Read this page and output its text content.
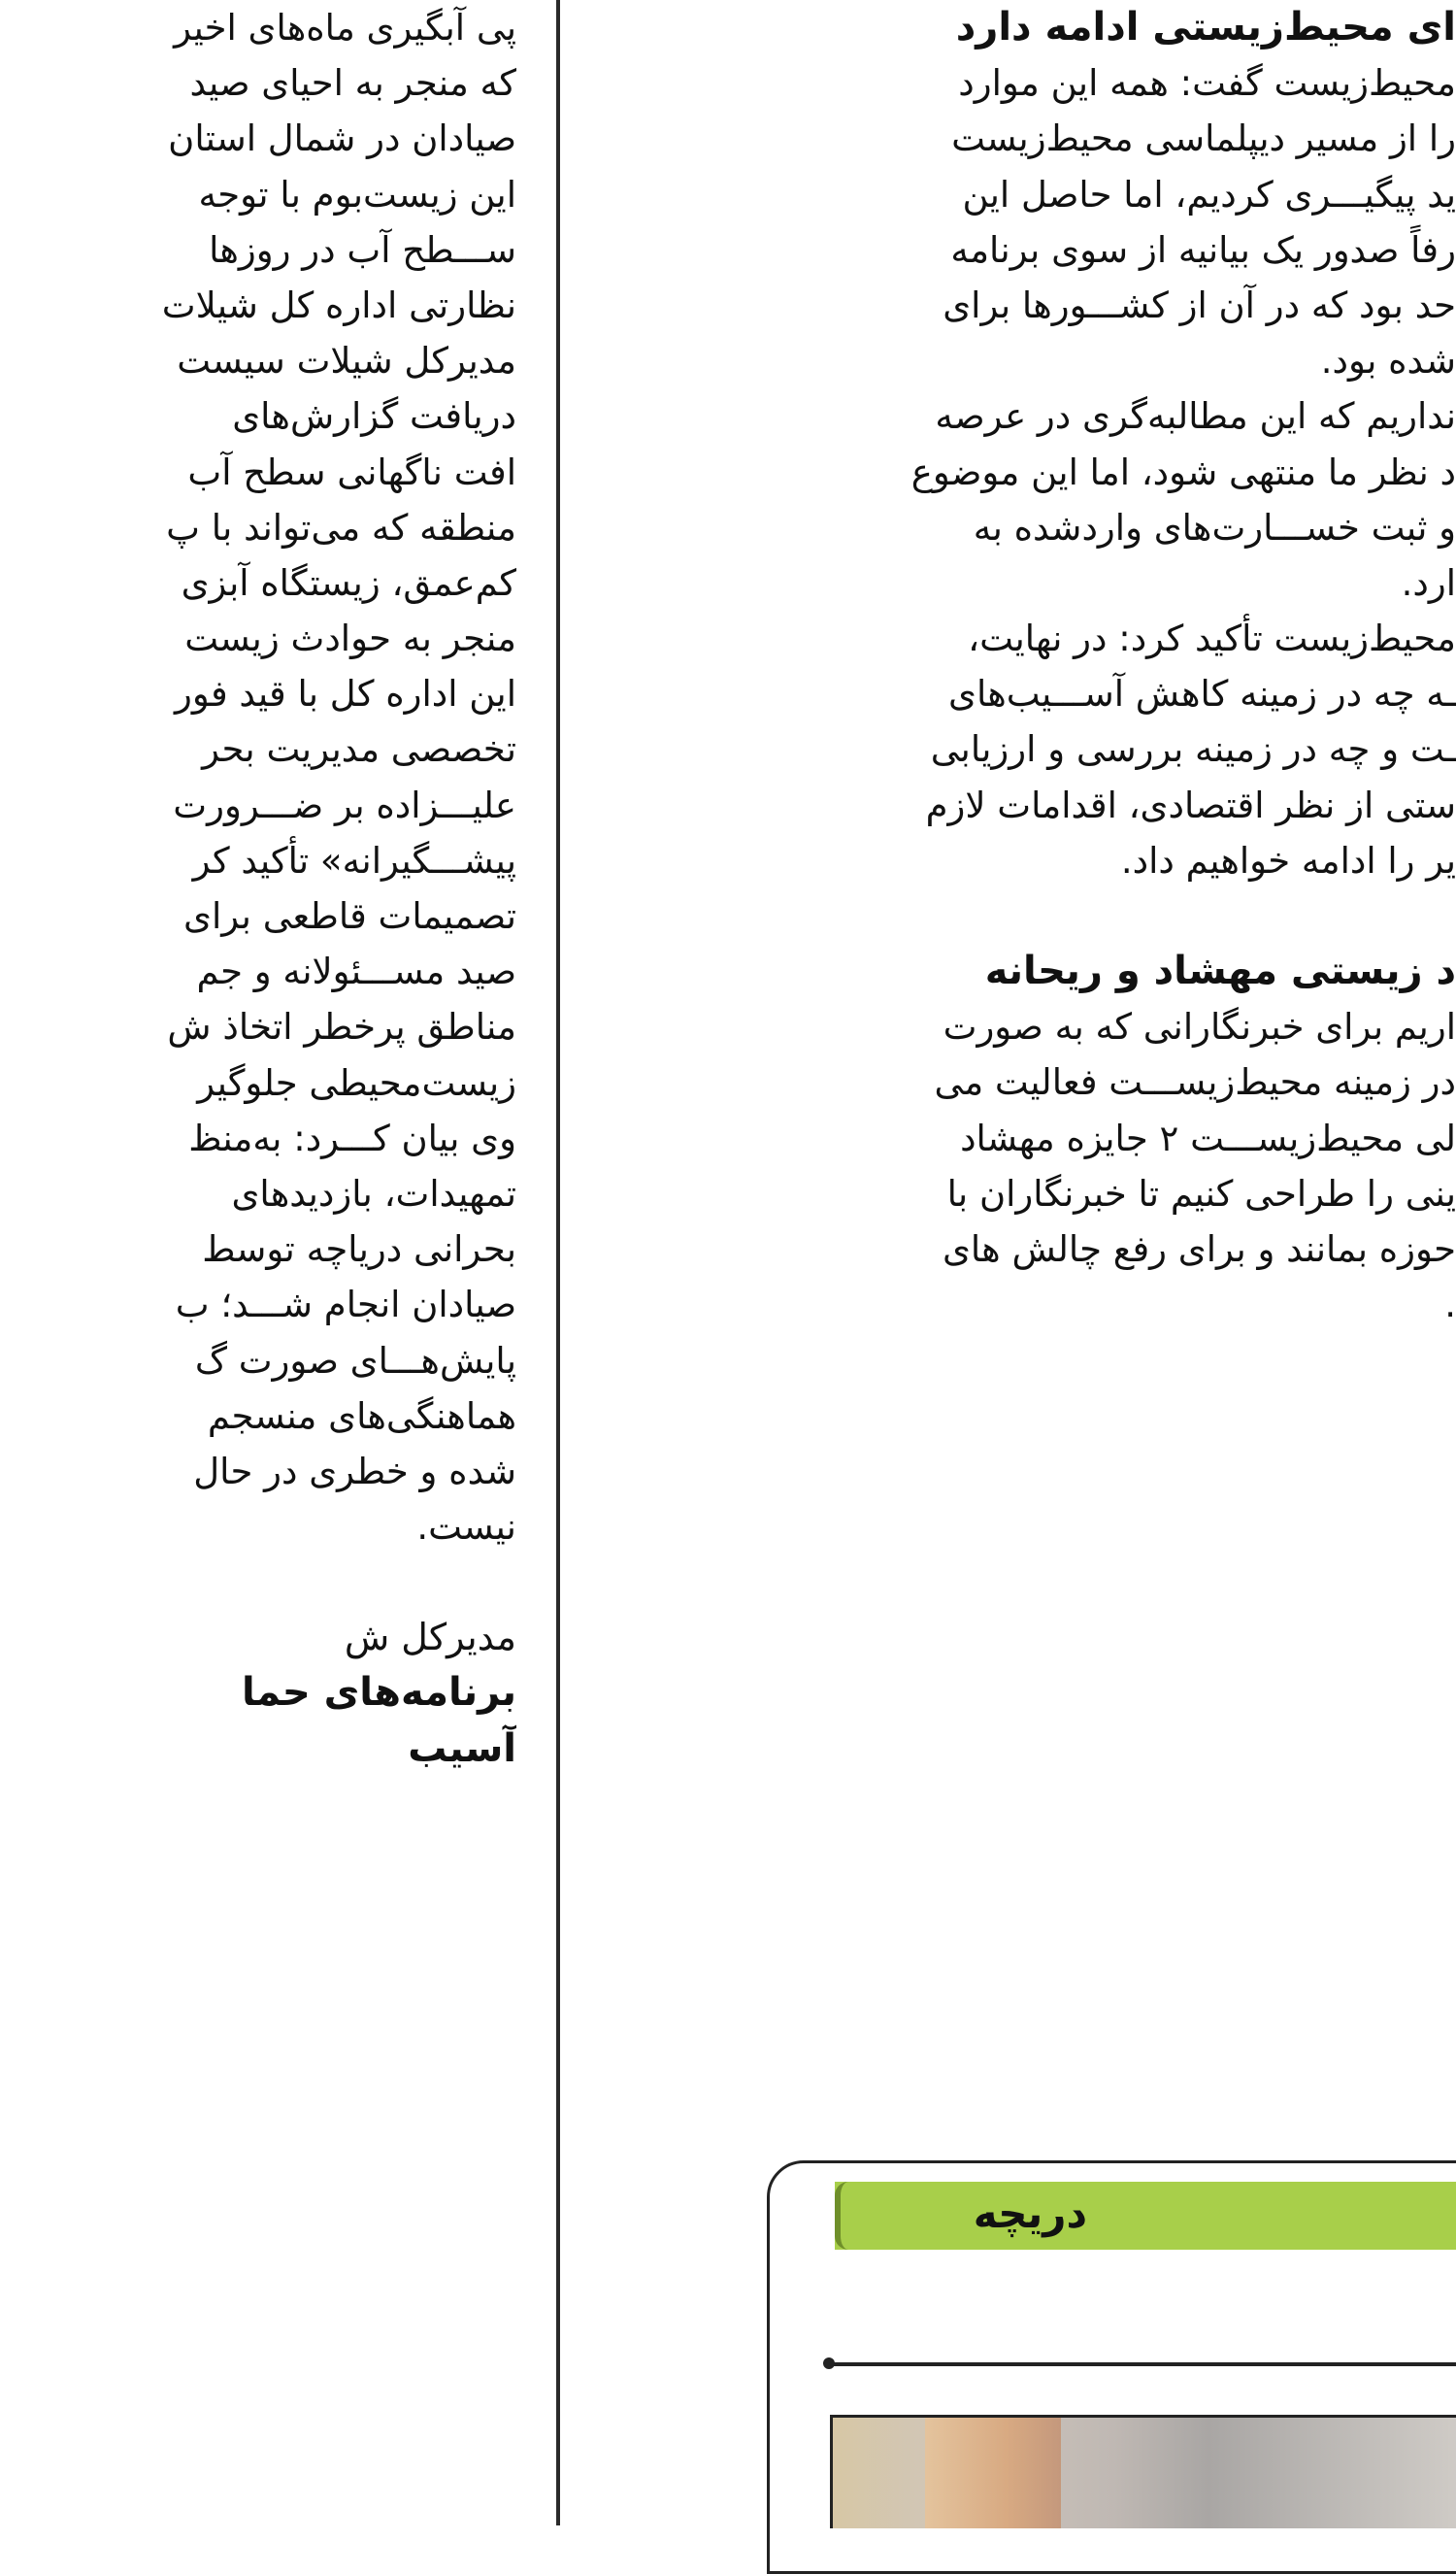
پی آبگیری ماه‌های اخیر
که منجر به احیای صید
صیادان در شمال استان
این زیست‌بوم با توجه
ســـطح آب در روزها
نظارتی اداره کل شیلات
مدیرکل شیلات سیست
دریافت گزارش‌های
افت ناگهانی سطح آب
منطقه که می‌تواند با پ
کم‌عمق، زیستگاه آبزی
منجر به حوادث زیست
این اداره کل با قید فور
تخصصی مدیریت بحر
علیـــزاده بر ضـــرورت
پیشـــگیرانه» تأکید کر
تصمیمات قاطعی برای
صید مســـئولانه و جم
مناطق پرخطر اتخاذ ش
زیست‌محیطی جلوگیر
وی بیان کـــرد: به‌منظ
تمهیدات، بازدیدهای
بحرانی دریاچه توسط
صیادان انجام شـــد؛ ب
پایش‌هـــای صورت گ
هماهنگی‌های منسجم
شده و خطری در حال
نیست.
مدیرکل ش
برنامه‌های حما
آسیب
ای محیط‌زیستی ادامه دارد
محیط‌زیست گفت: همه این موارد
را از مسیر دیپلماسی محیط‌زیست
ید پیگیـــری کردیم، اما حاصل این
رفاً صدور یک بیانیه از سوی برنامه
حد بود که در آن از کشـــورها برای
شده بود.
نداریم که این مطالبه‌گری در عرصه
د نظر ما منتهی شود، اما این موضوع
و ثبت خســـارت‌های واردشده به
ارد.
محیط‌زیست تأکید کرد: در نهایت،
ـه چه در زمینه کاهش آســـیب‌های
ـت و چه در زمینه بررسی و ارزیابی
ستی از نظر اقتصادی، اقدامات لازم
یر را ادامه خواهیم داد.
د زیستی مهشاد و ریحانه
اریم برای خبرنگارانی که به صورت
در زمینه محیط‌زیســـت فعالیت می
لی محیط‌زیســـت ۲ جایزه مهشاد
ینی را طراحی کنیم تا خبرنگاران با
حوزه بمانند و برای رفع چالش های
.
دریچه
